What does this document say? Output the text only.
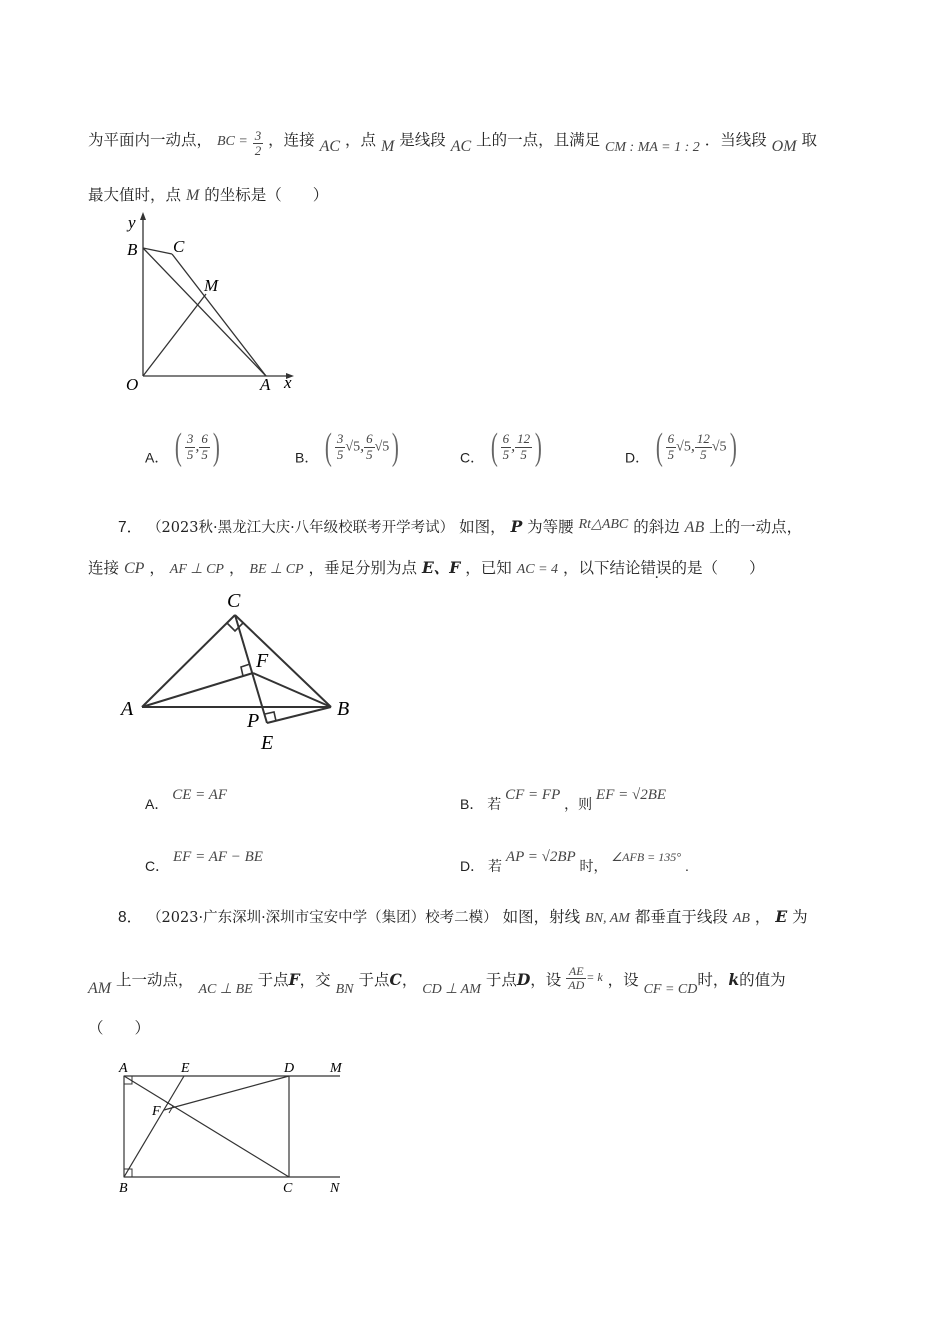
为平面内一动点， BC = $\frac{3}{2}$ ，连接 AC ，点 M 是线段 AC 上的一点，且满足 CM : MA = 1 : 2 ．当线段 OM 取
最大值时，点 M 的坐标是（　　）
y
B C
M
O	A x
A． ( $\frac{3}{5}$ , $\frac{6}{5}$ )	B． ( $\frac{3}{5} √5$, $\frac{6}{5} √5$)	C． ( $\frac{6}{5}$ , $\frac{12}{5}$ )	D． ( $\frac{6}{5} √5$, $\frac{12}{5} √5$)
7． （2023秋·黑龙江大庆·八年级校联考开学考试） 如图， P 为等腰 Rt△ABC 的斜边 AB 上的一动点，
连接 CP ， AF ⊥ CP ， BE ⊥ CP ，垂足分别为点 E、F ，已知 AC = 4 ，以下结论错误的是（　　）
C
F
A
P
B
E
A． CE = AF
B． 若 CF = FP ，则 EF = √2BE
C． EF = AF − BE
D． 若 AP = √2BP 时， ∠AFB = 135° .
8． （2023·广东深圳·深圳市宝安中学（集团）校考二模） 如图，射线 BN, AM 都垂直于线段 AB ， E 为
AM 上一动点， AC ⊥ BE 于点F，交 BN 于点C， CD ⊥ AM 于点D，设 $\frac{AE}{AD} ^{= k}$ ，设 CF = CD时，k的值为
（　　）
A	E	D	M
F
B	C	N
